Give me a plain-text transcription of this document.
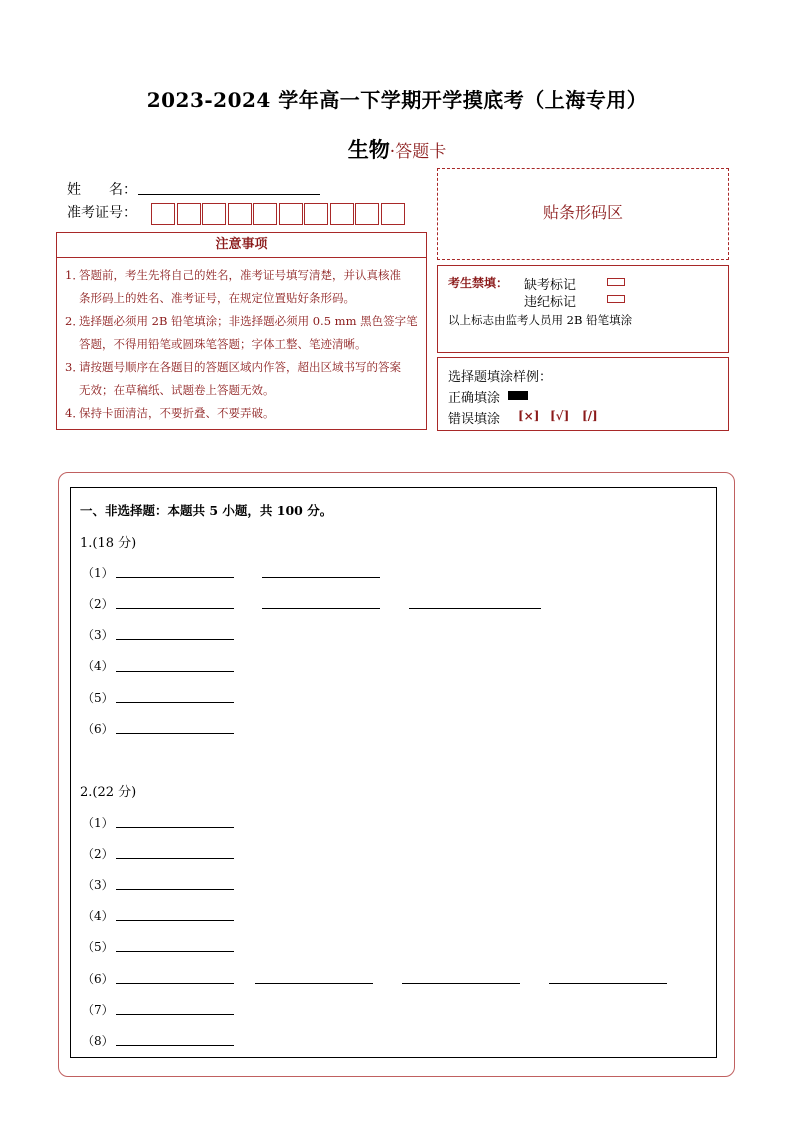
2023-2024 学年高一下学期开学摸底考（上海专用）
生物·答题卡
姓　　名：
准考证号：
注意事项
1．答题前，考生先将自己的姓名，准考证号填写清楚，并认真核准
条形码上的姓名、准考证号，在规定位置贴好条形码。
2．选择题必须用 2B 铅笔填涂；非选择题必须用 0.5 mm 黑色签字笔
答题，不得用铅笔或圆珠笔答题；字体工整、笔迹清晰。
3．请按题号顺序在各题目的答题区域内作答，超出区域书写的答案
无效；在草稿纸、试题卷上答题无效。
4．保持卡面清洁，不要折叠、不要弄破。
贴条形码区
考生禁填： 缺考标记
违纪标记
以上标志由监考人员用 2B 铅笔填涂
选择题填涂样例：
正确填涂
错误填涂 [×] [√] [/]
一、非选择题：本题共 5 小题，共 100 分。
1.(18 分)
（1）
（2）
（3）
（4）
（5）
（6）
2.(22 分)
（1）
（2）
（3）
（4）
（5）
（6）
（7）
（8）
